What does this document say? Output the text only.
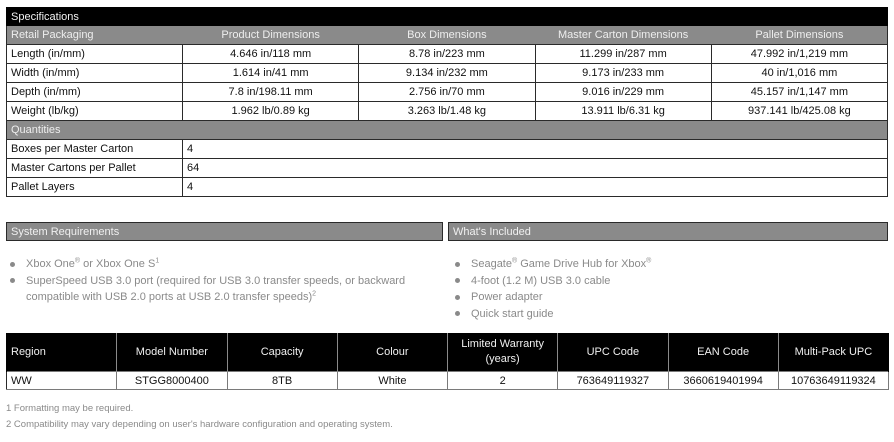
Specifications				
Retail Packaging	Product Dimensions	Box Dimensions	Master Carton Dimensions	Pallet Dimensions
Length (in/mm)	4.646 in/118 mm	8.78 in/223 mm	11.299 in/287 mm	47.992 in/1,219 mm
Width (in/mm)	1.614 in/41 mm	9.134 in/232 mm	9.173 in/233 mm	40 in/1,016 mm
Depth (in/mm)	7.8 in/198.11 mm	2.756 in/70 mm	9.016 in/229 mm	45.157 in/1,147 mm
Weight (lb/kg)	1.962 lb/0.89 kg	3.263 lb/1.48 kg	13.911 lb/6.31 kg	937.141 lb/425.08 kg
Quantities				
Boxes per Master Carton	4			
Master Cartons per Pallet	64			
Pallet Layers	4			
System Requirements	What's Included
Xbox One® or Xbox One $S^1$
SuperSpeed USB 3.0 port (required for USB 3.0 transfer speeds, or backward compatible with USB 2.0 ports at USB 2.0 transfer speeds)$^2$
Seagate® Game Drive Hub for Xbox®
4-foot (1.2 M) USB 3.0 cable
Power adapter
Quick start guide
Region	Model Number	Capacity	Colour	Limited Warranty (years)	UPC Code	EAN Code	Multi-Pack UPC
WW	STGG8000400	8TB	White	2	763649119327	3660619401994	10763649119324
1 Formatting may be required.
2 Compatibility may vary depending on user's hardware configuration and operating system.
